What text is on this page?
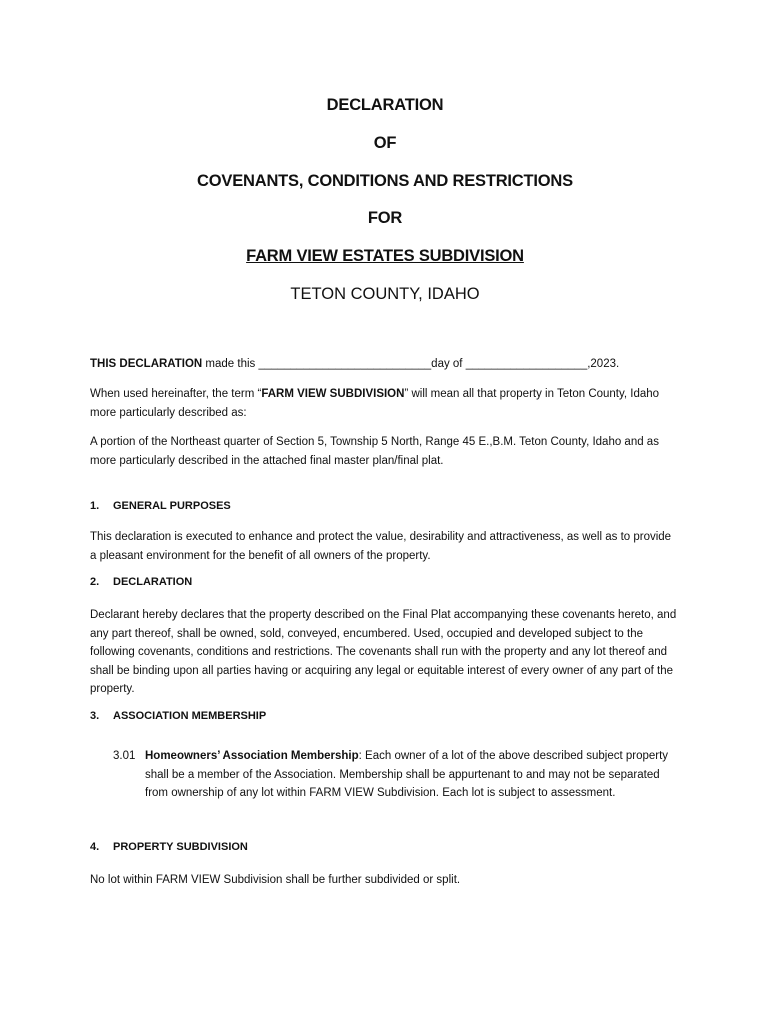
DECLARATION
OF
COVENANTS, CONDITIONS AND RESTRICTIONS
FOR
FARM VIEW ESTATES SUBDIVISION
TETON COUNTY, IDAHO
THIS DECLARATION made this ___________________________day of ___________________,2023.
When used hereinafter, the term “FARM VIEW SUBDIVISION” will mean all that property in Teton County, Idaho more particularly described as:
A portion of the Northeast quarter of Section 5, Township 5 North, Range 45 E.,B.M. Teton County, Idaho and as more particularly described in the attached final master plan/final plat.
1. GENERAL PURPOSES
This declaration is executed to enhance and protect the value, desirability and attractiveness, as well as to provide a pleasant environment for the benefit of all owners of the property.
2. DECLARATION
Declarant hereby declares that the property described on the Final Plat accompanying these covenants hereto, and any part thereof, shall be owned, sold, conveyed, encumbered. Used, occupied and developed subject to the following covenants, conditions and restrictions. The covenants shall run with the property and any lot thereof and shall be binding upon all parties having or acquiring any legal or equitable interest of every owner of any part of the property.
3. ASSOCIATION MEMBERSHIP
3.01 Homeowners’ Association Membership: Each owner of a lot of the above described subject property shall be a member of the Association. Membership shall be appurtenant to and may not be separated from ownership of any lot within FARM VIEW Subdivision. Each lot is subject to assessment.
4. PROPERTY SUBDIVISION
No lot within FARM VIEW Subdivision shall be further subdivided or split.
